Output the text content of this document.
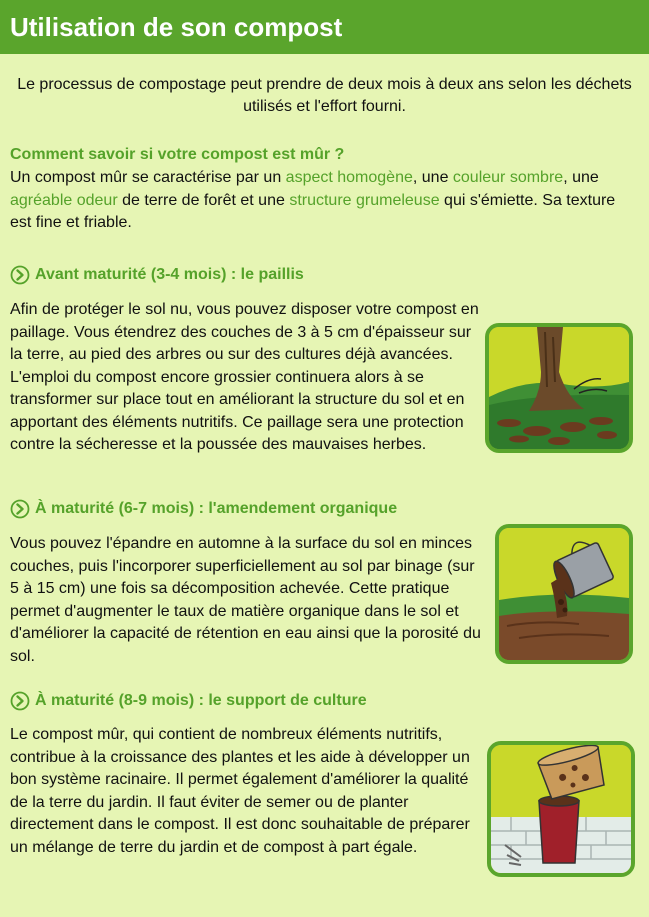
Utilisation de son compost
Le processus de compostage peut prendre de deux mois à deux ans selon les déchets utilisés et l'effort fourni.
Comment savoir si votre compost est mûr ?
Un compost mûr se caractérise par un aspect homogène, une couleur sombre, une agréable odeur de terre de forêt et une structure grumeleuse qui s'émiette. Sa texture est fine et friable.
Avant maturité (3-4 mois) : le paillis
Afin de protéger le sol nu, vous pouvez disposer votre compost en paillage. Vous étendrez des couches de 3 à 5 cm d'épaisseur sur la terre, au pied des arbres ou sur des cultures déjà avancées. L'emploi du compost encore grossier continuera alors à se transformer sur place tout en améliorant la structure du sol et en apportant des éléments nutritifs. Ce paillage sera une protection contre la sécheresse et la poussée des mauvaises herbes.
À maturité (6-7 mois) : l'amendement organique
Vous pouvez l'épandre en automne à la surface du sol en minces couches, puis l'incorporer superficiellement au sol par binage (sur 5 à 15 cm) une fois sa décomposition achevée. Cette pratique permet d'augmenter le taux de matière organique dans le sol et d'améliorer la capacité de rétention en eau ainsi que la porosité du sol.
À maturité (8-9 mois) : le support de culture
Le compost mûr, qui contient de nombreux éléments nutritifs, contribue à la croissance des plantes et les aide à développer un bon système racinaire. Il permet également d'améliorer la qualité de la terre du jardin. Il faut éviter de semer ou de planter directement dans le compost. Il est donc souhaitable de préparer un mélange de terre du jardin et de compost à part égale.
